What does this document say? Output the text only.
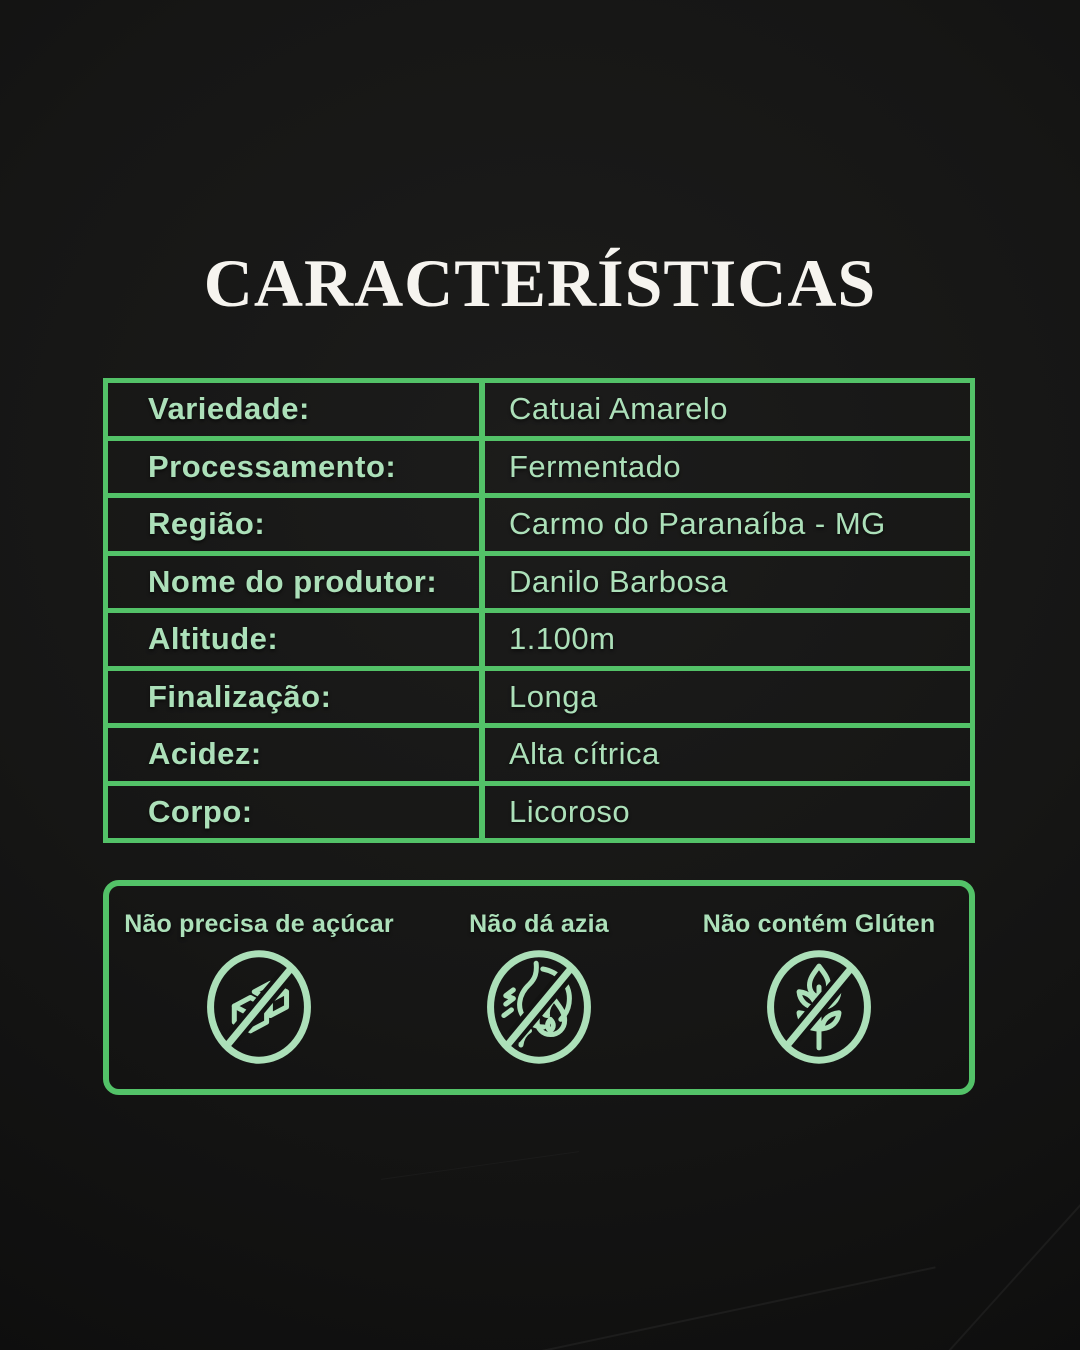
CARACTERÍSTICAS
Variedade:	Catuai Amarelo
Processamento:	Fermentado
Região:	Carmo do Paranaíba - MG
Nome do produtor:	Danilo Barbosa
Altitude:	1.100m
Finalização:	Longa
Acidez:	Alta cítrica
Corpo:	Licoroso
Não precisa de açúcar	Não dá azia	Não contém Glúten
